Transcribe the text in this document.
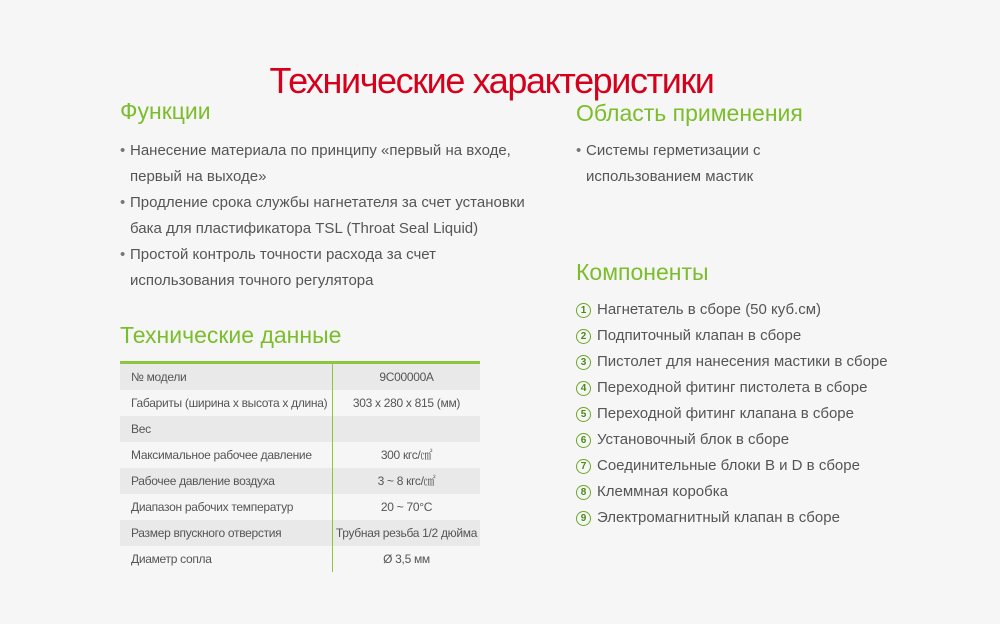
Технические характеристики
Функции
• Нанесение материала по принципу «первый на входе,
первый на выходе»
• Продление срока службы нагнетателя за счет установки
бака для пластификатора TSL (Throat Seal Liquid)
• Простой контроль точности расхода за счет
использования точного регулятора
Область применения
• Системы герметизации с
использованием мастик
Технические данные
№ модели	9C00000A
Габариты (ширина x высота x длина)	303 x 280 x 815 (мм)
Вес
Максимальное рабочее давление	300 кгс/㎠
Рабочее давление воздуха	3 ~ 8 кгс/㎠
Диапазон рабочих температур	20 ~ 70°C
Размер впускного отверстия	Трубная резьба 1/2 дюйма
Диаметр сопла	Ø 3,5 мм
Компоненты
1 Нагнетатель в сборе (50 куб.см)
2 Подпиточный клапан в сборе
3 Пистолет для нанесения мастики в сборе
4 Переходной фитинг пистолета в сборе
5 Переходной фитинг клапана в сборе
6 Установочный блок в сборе
7 Соединительные блоки B и D в сборе
8 Клеммная коробка
9 Электромагнитный клапан в сборе
